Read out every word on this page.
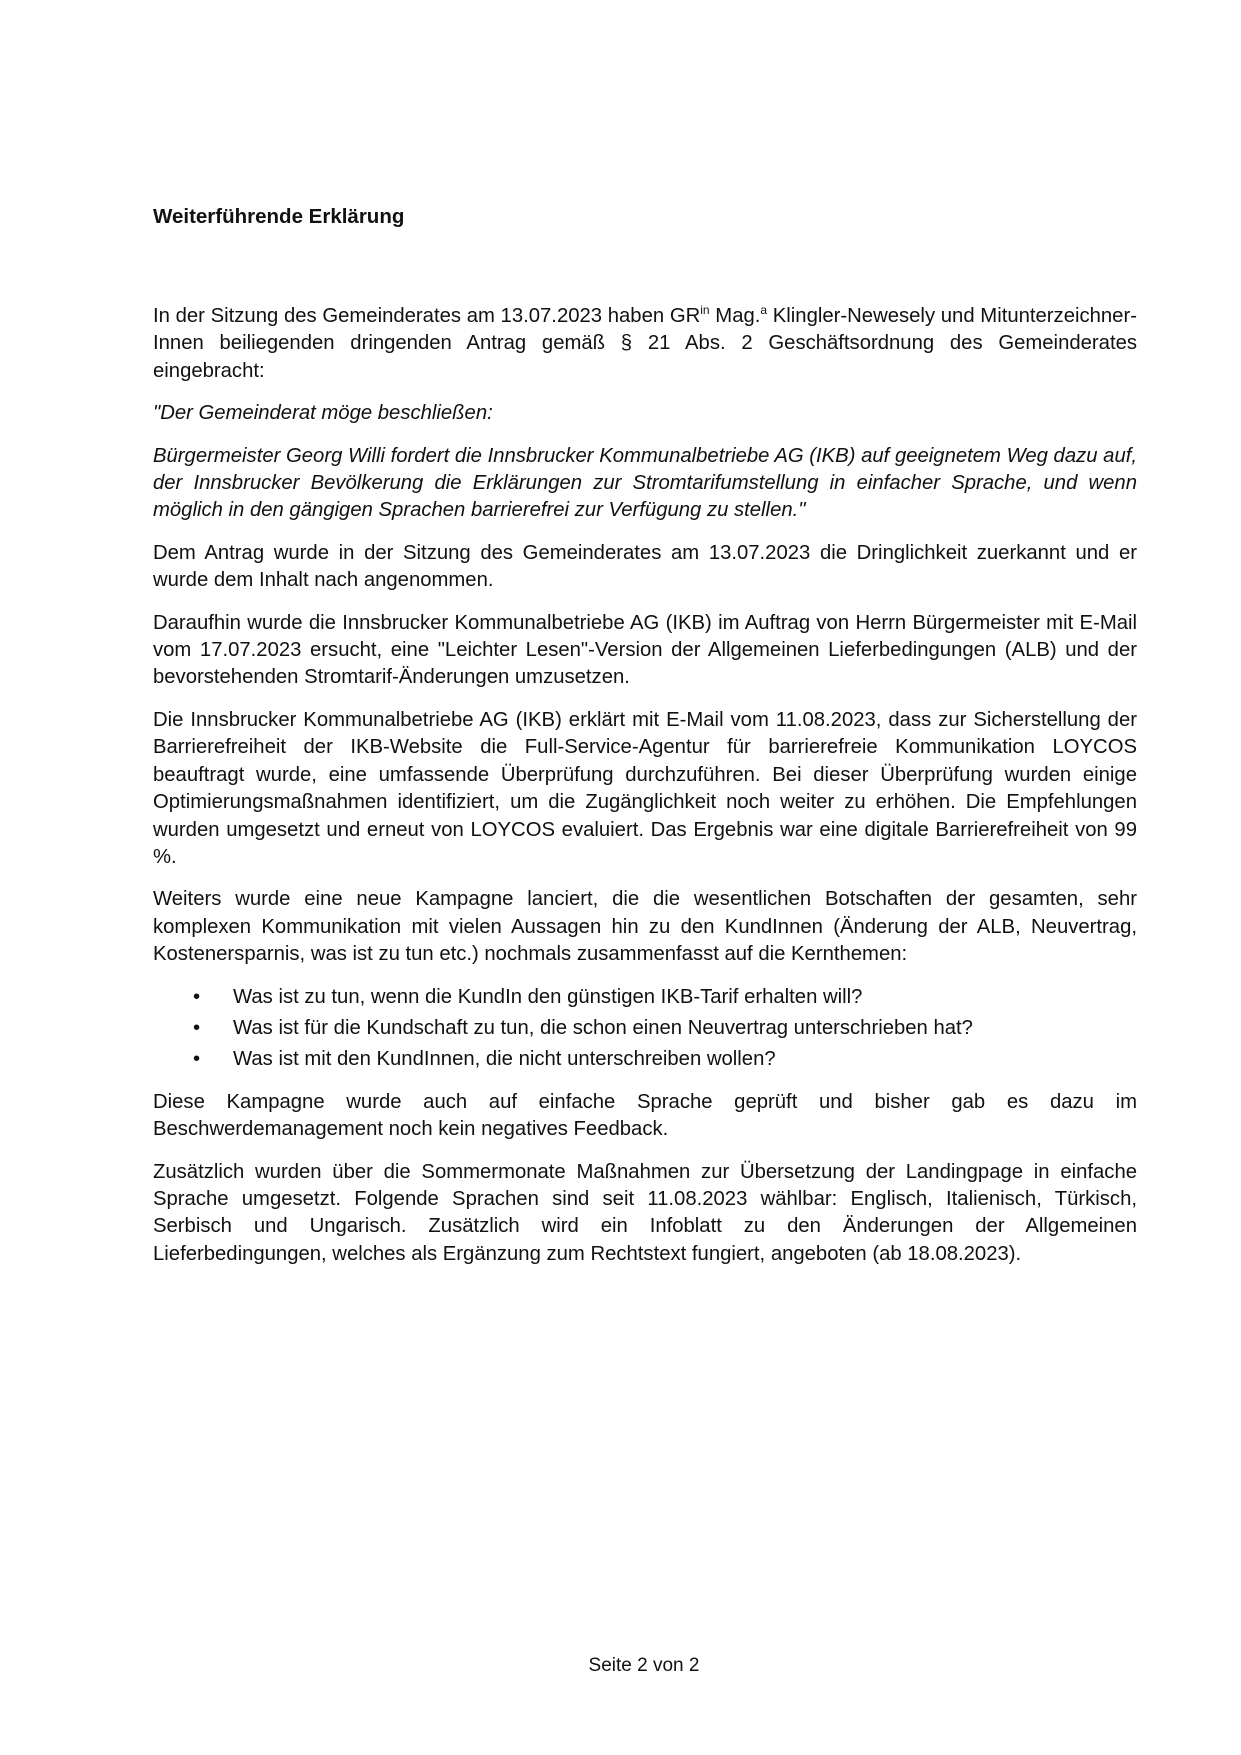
Weiterführende Erklärung
In der Sitzung des Gemeinderates am 13.07.2023 haben $GR^{in}$ Mag.$^a$ Klingler-Newesely und MitunterzeichnerInnen beiliegenden dringenden Antrag gemäß § 21 Abs. 2 Geschäftsordnung des Gemeinderates eingebracht:
"Der Gemeinderat möge beschließen:
Bürgermeister Georg Willi fordert die Innsbrucker Kommunalbetriebe AG (IKB) auf geeignetem Weg dazu auf, der Innsbrucker Bevölkerung die Erklärungen zur Stromtarifumstellung in einfacher Sprache, und wenn möglich in den gängigen Sprachen barrierefrei zur Verfügung zu stellen."
Dem Antrag wurde in der Sitzung des Gemeinderates am 13.07.2023 die Dringlichkeit zuerkannt und er wurde dem Inhalt nach angenommen.
Daraufhin wurde die Innsbrucker Kommunalbetriebe AG (IKB) im Auftrag von Herrn Bürgermeister mit E-Mail vom 17.07.2023 ersucht, eine "Leichter Lesen"-Version der Allgemeinen Lieferbedingungen (ALB) und der bevorstehenden Stromtarif-Änderungen umzusetzen.
Die Innsbrucker Kommunalbetriebe AG (IKB) erklärt mit E-Mail vom 11.08.2023, dass zur Sicherstellung der Barrierefreiheit der IKB-Website die Full-Service-Agentur für barrierefreie Kommunikation LOYCOS beauftragt wurde, eine umfassende Überprüfung durchzuführen. Bei dieser Überprüfung wurden einige Optimierungsmaßnahmen identifiziert, um die Zugänglichkeit noch weiter zu erhöhen. Die Empfehlungen wurden umgesetzt und erneut von LOYCOS evaluiert. Das Ergebnis war eine digitale Barrierefreiheit von 99 %.
Weiters wurde eine neue Kampagne lanciert, die die wesentlichen Botschaften der gesamten, sehr komplexen Kommunikation mit vielen Aussagen hin zu den KundInnen (Änderung der ALB, Neuvertrag, Kostenersparnis, was ist zu tun etc.) nochmals zusammenfasst auf die Kernthemen:
• Was ist zu tun, wenn die KundIn den günstigen IKB-Tarif erhalten will?
• Was ist für die Kundschaft zu tun, die schon einen Neuvertrag unterschrieben hat?
• Was ist mit den KundInnen, die nicht unterschreiben wollen?
Diese Kampagne wurde auch auf einfache Sprache geprüft und bisher gab es dazu im Beschwerdemanagement noch kein negatives Feedback.
Zusätzlich wurden über die Sommermonate Maßnahmen zur Übersetzung der Landingpage in einfache Sprache umgesetzt. Folgende Sprachen sind seit 11.08.2023 wählbar: Englisch, Italienisch, Türkisch, Serbisch und Ungarisch. Zusätzlich wird ein Infoblatt zu den Änderungen der Allgemeinen Lieferbedingungen, welches als Ergänzung zum Rechtstext fungiert, angeboten (ab 18.08.2023).
Seite 2 von 2
